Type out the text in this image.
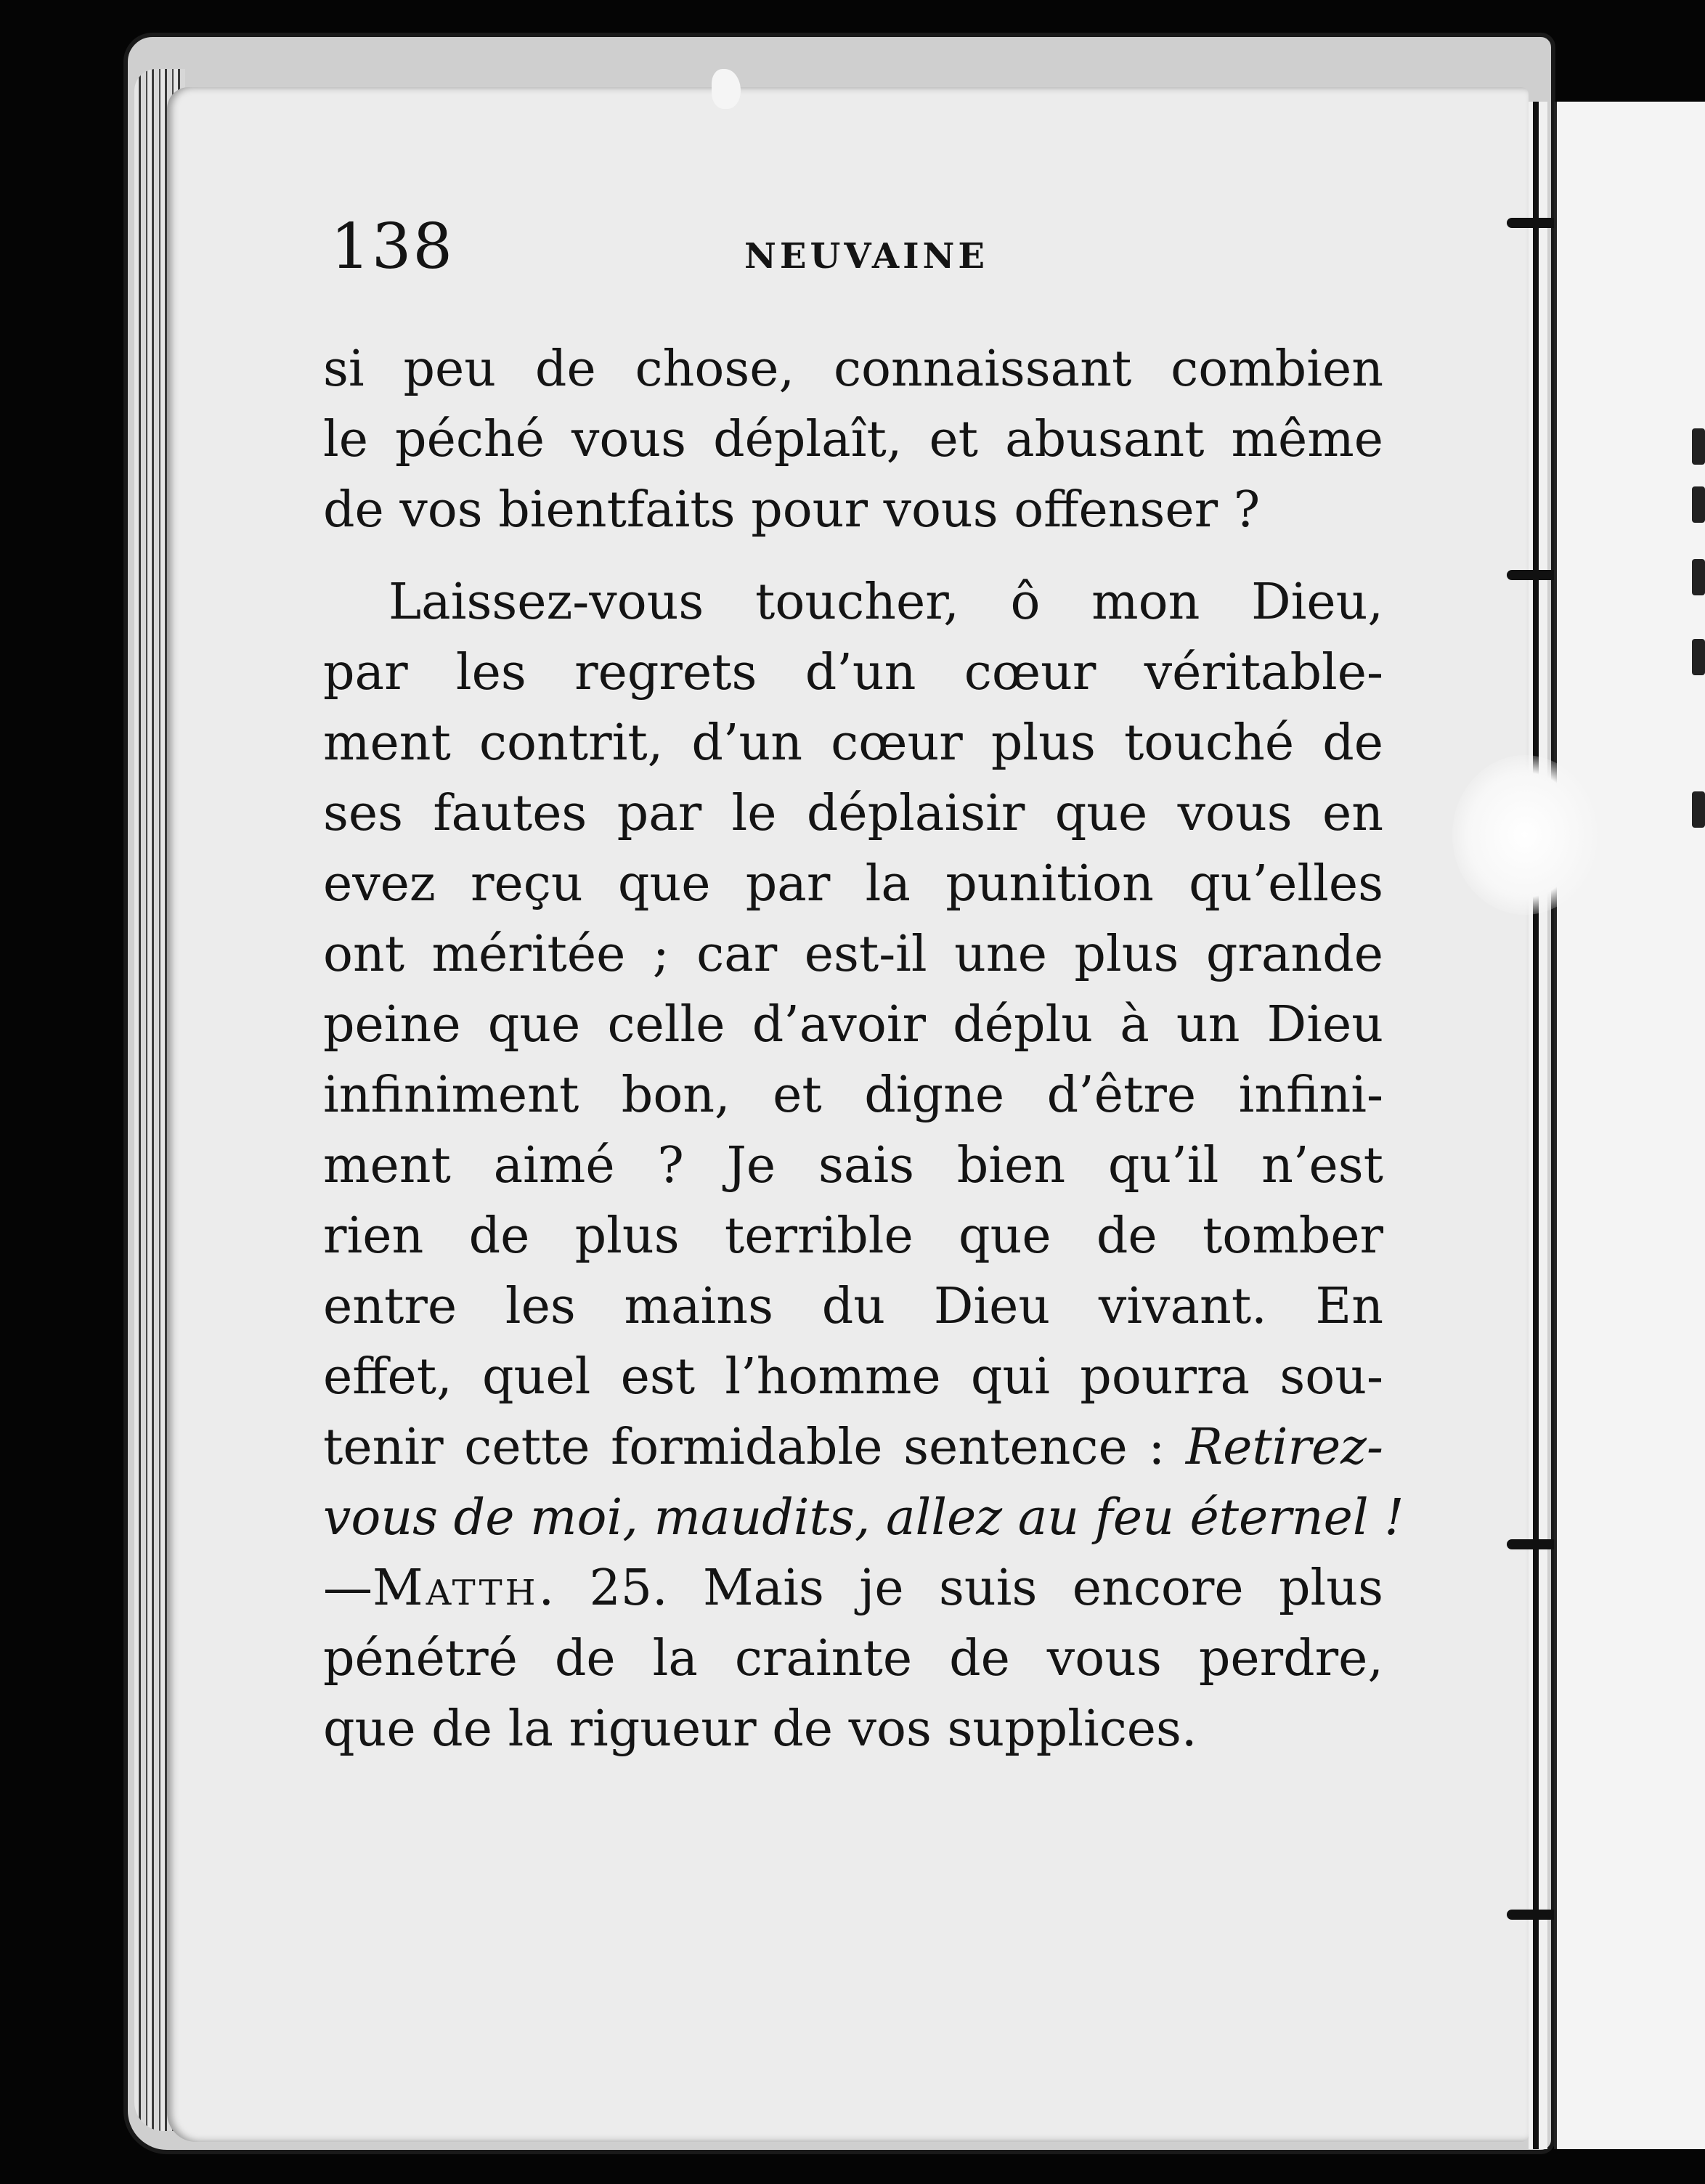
138	NEUVAINE
si peu de chose, connaissant combien
le péché vous déplaît, et abusant même
de vos bientfaits pour vous offenser ?
Laissez-vous toucher, ô mon Dieu,
par les regrets d’un cœur véritable-
ment contrit, d’un cœur plus touché de
ses fautes par le déplaisir que vous en
evez reçu que par la punition qu’elles
ont méritée ; car est-il une plus grande
peine que celle d’avoir déplu à un Dieu
infiniment bon, et digne d’être infini-
ment aimé ? Je sais bien qu’il n’est
rien de plus terrible que de tomber
entre les mains du Dieu vivant. En
effet, quel est l’homme qui pourra sou-
tenir cette formidable sentence : Retirez-
vous de moi, maudits, allez au feu éternel !
—Matth. 25. Mais je suis encore plus
pénétré de la crainte de vous perdre,
que de la rigueur de vos supplices.
